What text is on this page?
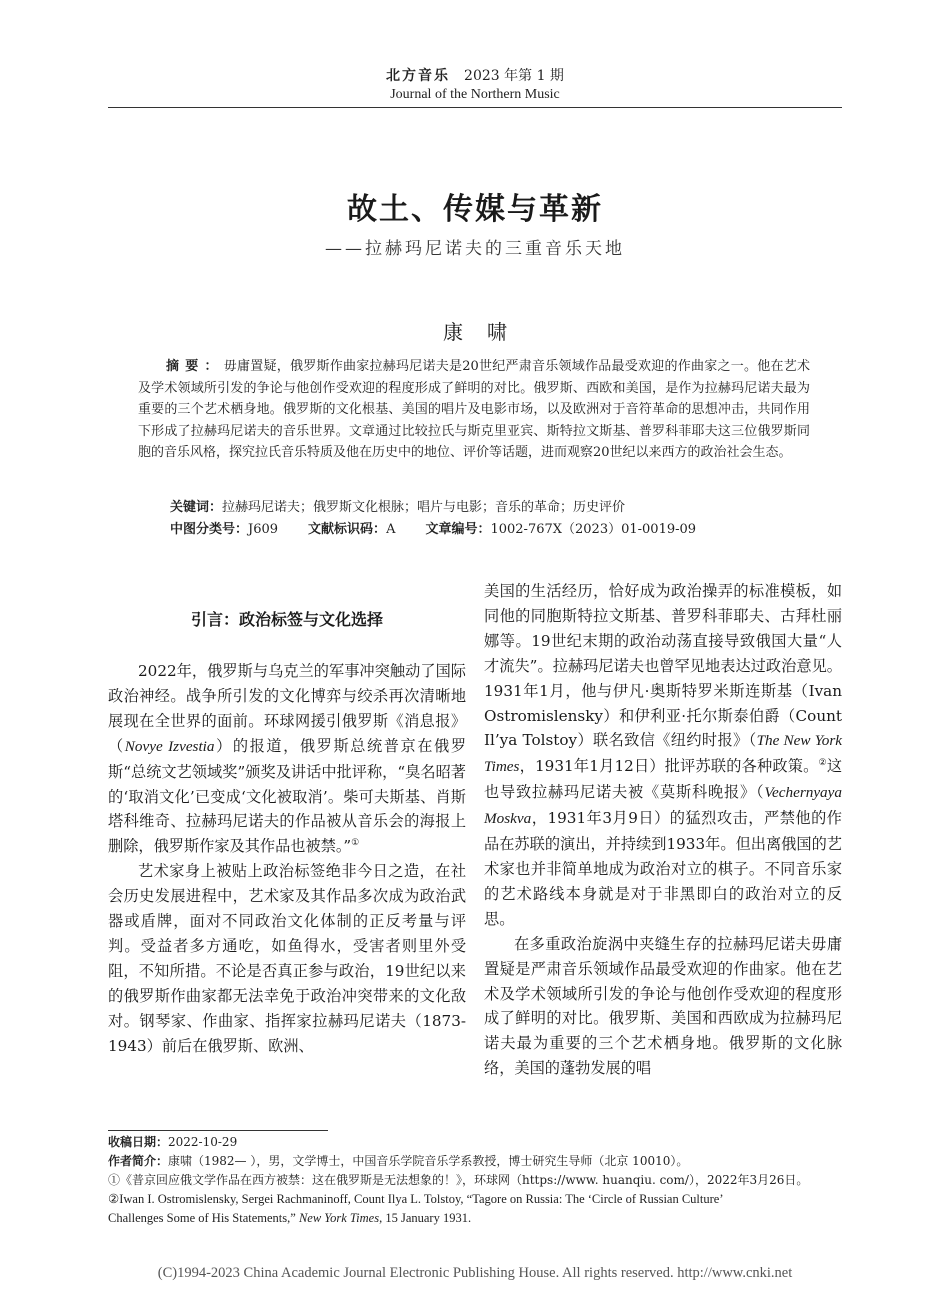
北方音乐 2023 年第 1 期
Journal of the Northern Music
故土、传媒与革新
——拉赫玛尼诺夫的三重音乐天地
康啸
摘要：毋庸置疑，俄罗斯作曲家拉赫玛尼诺夫是20世纪严肃音乐领域作品最受欢迎的作曲家之一。他在艺术及学术领域所引发的争论与他创作受欢迎的程度形成了鲜明的对比。俄罗斯、西欧和美国，是作为拉赫玛尼诺夫最为重要的三个艺术栖身地。俄罗斯的文化根基、美国的唱片及电影市场，以及欧洲对于音符革命的思想冲击，共同作用下形成了拉赫玛尼诺夫的音乐世界。文章通过比较拉氏与斯克里亚宾、斯特拉文斯基、普罗科菲耶夫这三位俄罗斯同胞的音乐风格，探究拉氏音乐特质及他在历史中的地位、评价等话题，进而观察20世纪以来西方的政治社会生态。
关键词：拉赫玛尼诺夫；俄罗斯文化根脉；唱片与电影；音乐的革命；历史评价
中图分类号：J609 文献标识码：A 文章编号：1002-767X（2023）01-0019-09
引言：政治标签与文化选择

2022年，俄罗斯与乌克兰的军事冲突触动了国际政治神经。战争所引发的文化博弈与绞杀再次清晰地展现在全世界的面前。环球网援引俄罗斯《消息报》（Novye Izvestia）的报道，俄罗斯总统普京在俄罗斯“总统文艺领域奖”颁奖及讲话中批评称，“臭名昭著的‘取消文化’已变成‘文化被取消’。柴可夫斯基、肖斯塔科维奇、拉赫玛尼诺夫的作品被从音乐会的海报上删除，俄罗斯作家及其作品也被禁。”①

艺术家身上被贴上政治标签绝非今日之造，在社会历史发展进程中，艺术家及其作品多次成为政治武器或盾牌，面对不同政治文化体制的正反考量与评判。受益者多方通吃，如鱼得水，受害者则里外受阻，不知所措。不论是否真正参与政治，19世纪以来的俄罗斯作曲家都无法幸免于政治冲突带来的文化敌对。钢琴家、作曲家、指挥家拉赫玛尼诺夫（1873-1943）前后在俄罗斯、欧洲、

美国的生活经历，恰好成为政治操弄的标准模板，如同他的同胞斯特拉文斯基、普罗科菲耶夫、古拜杜丽娜等。19世纪末期的政治动荡直接导致俄国大量“人才流失”。拉赫玛尼诺夫也曾罕见地表达过政治意见。1931年1月，他与伊凡·奥斯特罗米斯连斯基（Ivan Ostromislensky）和伊利亚·托尔斯泰伯爵（Count Il’ya Tolstoy）联名致信《纽约时报》（The New York Times，1931年1月12日）批评苏联的各种政策。②这也导致拉赫玛尼诺夫被《莫斯科晚报》（Vechernyaya Moskva，1931年3月9日）的猛烈攻击，严禁他的作品在苏联的演出，并持续到1933年。但出离俄国的艺术家也并非简单地成为政治对立的棋子。不同音乐家的艺术路线本身就是对于非黑即白的政治对立的反思。

在多重政治旋涡中夹缝生存的拉赫玛尼诺夫毋庸置疑是严肃音乐领域作品最受欢迎的作曲家。他在艺术及学术领域所引发的争论与他创作受欢迎的程度形成了鲜明的对比。俄罗斯、美国和西欧成为拉赫玛尼诺夫最为重要的三个艺术栖身地。俄罗斯的文化脉络，美国的蓬勃发展的唱

收稿日期：2022-10-29
作者简介：康啸（1982— ），男，文学博士，中国音乐学院音乐学系教授，博士研究生导师（北京 10010）。
①《普京回应俄文学作品在西方被禁：这在俄罗斯是无法想象的！》，环球网（https://www. huanqiu. com/），2022年3月26日。
②Iwan I. Ostromislensky, Sergei Rachmaninoff, Count Ilya L. Tolstoy, “Tagore on Russia: The ‘Circle of Russian Culture’
Challenges Some of His Statements,” New York Times, 15 January 1931.
(C)1994-2023 China Academic Journal Electronic Publishing House. All rights reserved. http://www.cnki.net
